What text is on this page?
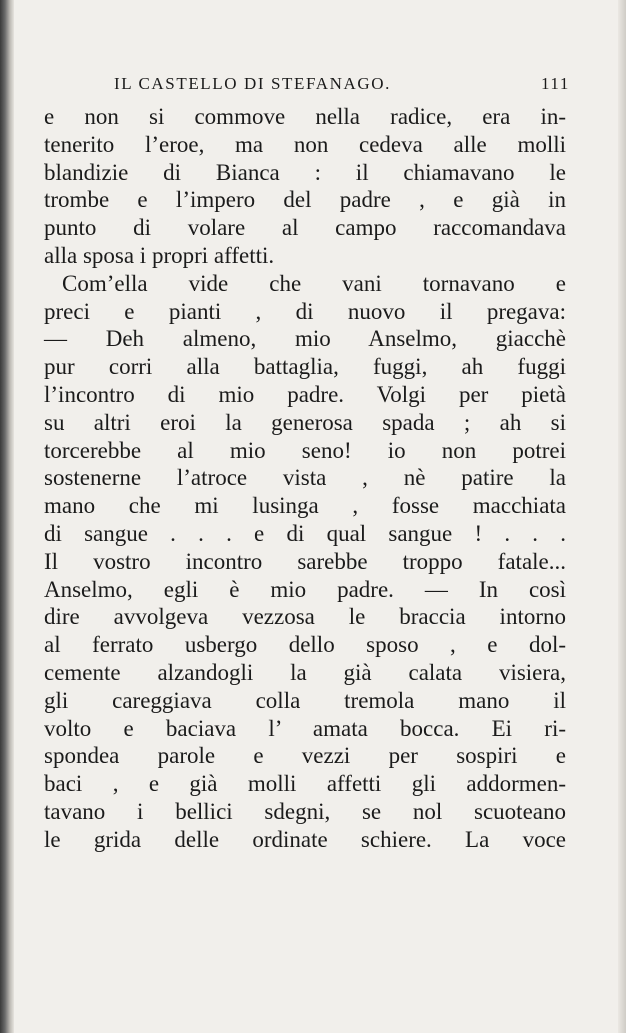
IL CASTELLO DI STEFANAGO.	111
e non si commove nella radice, era in-
tenerito l’eroe, ma non cedeva alle molli
blandizie di Bianca : il chiamavano le
trombe e l’impero del padre , e già in
punto di volare al campo raccomandava
alla sposa i propri affetti.
Com’ella vide che vani tornavano e
preci e pianti , di nuovo il pregava:
— Deh almeno, mio Anselmo, giacchè
pur corri alla battaglia, fuggi, ah fuggi
l’incontro di mio padre. Volgi per pietà
su altri eroi la generosa spada ; ah si
torcerebbe al mio seno! io non potrei
sostenerne l’atroce vista , nè patire la
mano che mi lusinga , fosse macchiata
di sangue . . . e di qual sangue ! . . .
Il vostro incontro sarebbe troppo fatale...
Anselmo, egli è mio padre. — In così
dire avvolgeva vezzosa le braccia intorno
al ferrato usbergo dello sposo , e dol-
cemente alzandogli la già calata visiera,
gli careggiava colla tremola mano il
volto e baciava l’ amata bocca. Ei ri-
spondea parole e vezzi per sospiri e
baci , e già molli affetti gli addormen-
tavano i bellici sdegni, se nol scuoteano
le grida delle ordinate schiere. La voce
